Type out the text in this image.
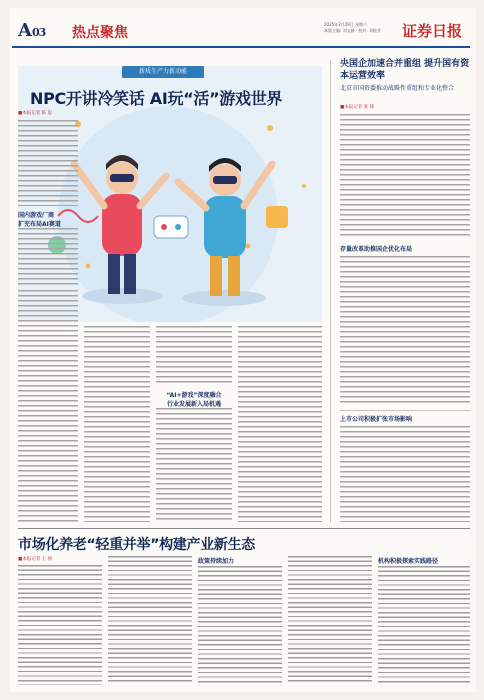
A03 热点聚焦
2025年3月29日 星期六
本版主编: 刘文静 · 校对: 刘桂芳	证券日报
新质生产力新动能
NPC开讲冷笑话 AI玩“活”游戏世界
■本报记者 陈 思
国内游戏厂商
扩充布局AI赛道
“AI+游戏”深度融合
行业发展新入局机遇
央国企加速合并重组 提升国有资本运营效率
北京市国资委推动战略性重组和专业化整合
■本报记者 张 锋
存量改革助推国企优化布局
上市公司积极扩张市场影响
市场化养老“轻重并举”构建产业新生态
■本报记者 王 僖	政策持续加力	机构积极探索实践路径
